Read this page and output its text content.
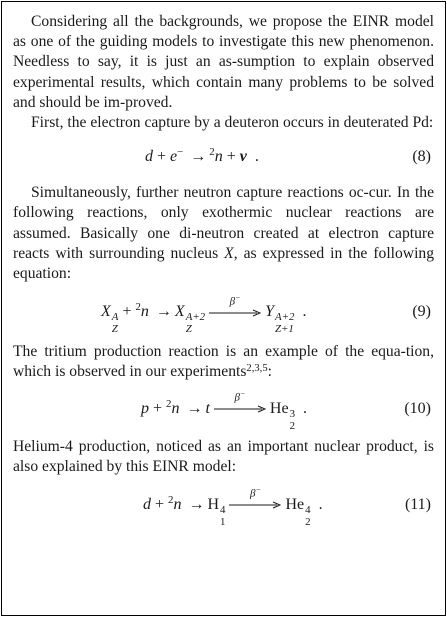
Considering all the backgrounds, we propose the EINR model as one of the guiding models to investigate this new phenomenon. Needless to say, it is just an as-sumption to explain observed experimental results, which contain many problems to be solved and should be im-proved.

First, the electron capture by a deuteron occurs in deuterated Pd:

d + e− → $^2$n + ν .	(8)

Simultaneously, further neutron capture reactions oc-cur. In the following reactions, only exothermic nuclear reactions are assumed. Basically one di-neutron created at electron capture reacts with surrounding nucleus X, as expressed in the following equation:

X A
Z
+ $^2$n → X A+2
Z
β−
Y A+2
Z+1
.	(9)

The tritium production reaction is an example of the equa-tion, which is observed in our experiments$^{2,3,5}$:

p + $^2$n → t
β−
He 3
2
.	(10)

Helium-4 production, noticed as an important nuclear product, is also explained by this EINR model:

d + $^2$n → H 4
1
β−
He 4
2
.	(11)
